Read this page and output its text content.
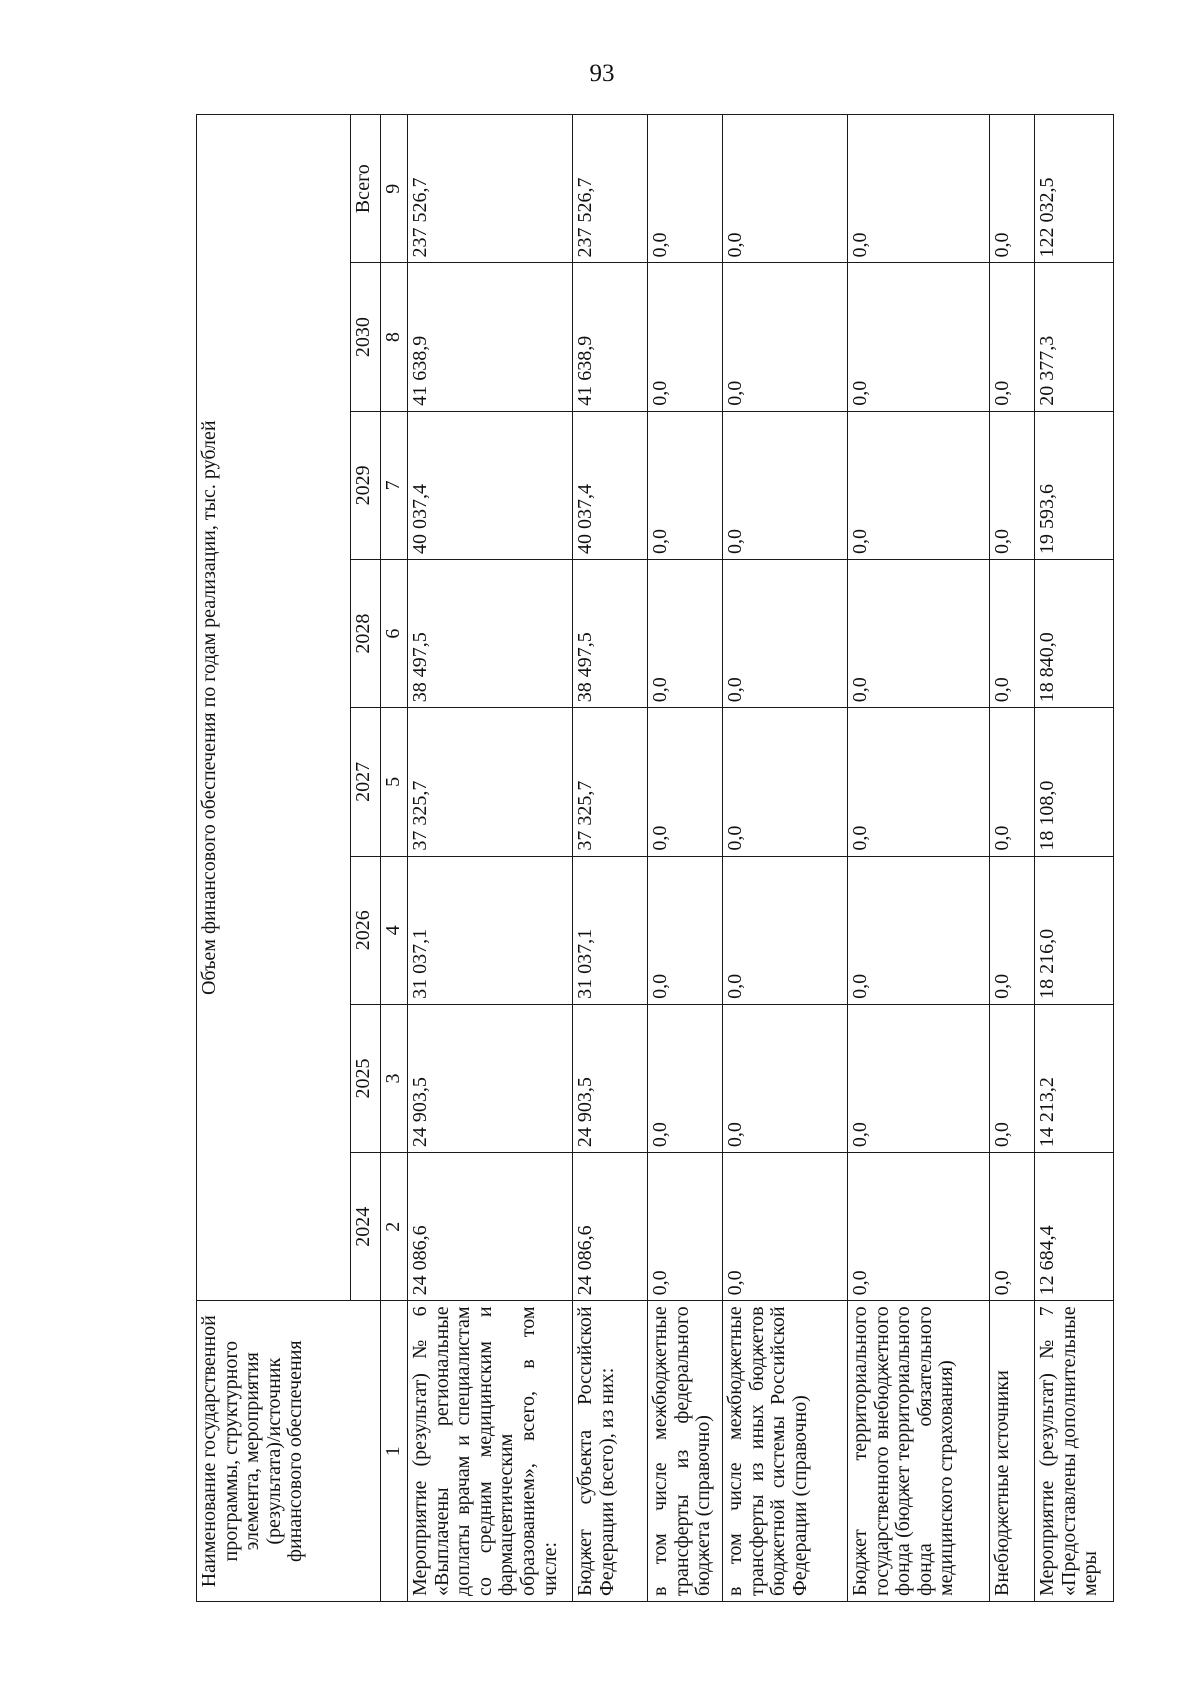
93
Наименование государственной программы, структурного элемента, мероприятия (результата)/источник финансового обеспечения	Объем финансового обеспечения по годам реализации, тыс. рублей							
	2024	2025	2026	2027	2028	2029	2030	Всего
1	2	3	4	5	6	7	8	9
Мероприятие (результат) № 6 «Выплачены региональные доплаты врачам и специалистам со средним медицинским и фармацевтическим образованием», всего, в том числе:	24 086,6	24 903,5	31 037,1	37 325,7	38 497,5	40 037,4	41 638,9	237 526,7
Бюджет субъекта Российской Федерации (всего), из них:	24 086,6	24 903,5	31 037,1	37 325,7	38 497,5	40 037,4	41 638,9	237 526,7
в том числе межбюджетные трансферты из федерального бюджета (справочно)	0,0	0,0	0,0	0,0	0,0	0,0	0,0	0,0
в том числе межбюджетные трансферты из иных бюджетов бюджетной системы Российской Федерации (справочно)	0,0	0,0	0,0	0,0	0,0	0,0	0,0	0,0
Бюджет территориального государственного внебюджетного фонда (бюджет территориального фонда обязательного медицинского страхования)	0,0	0,0	0,0	0,0	0,0	0,0	0,0	0,0
Внебюджетные источники	0,0	0,0	0,0	0,0	0,0	0,0	0,0	0,0
Мероприятие (результат) № 7 «Предоставлены дополнительные меры	12 684,4	14 213,2	18 216,0	18 108,0	18 840,0	19 593,6	20 377,3	122 032,5
